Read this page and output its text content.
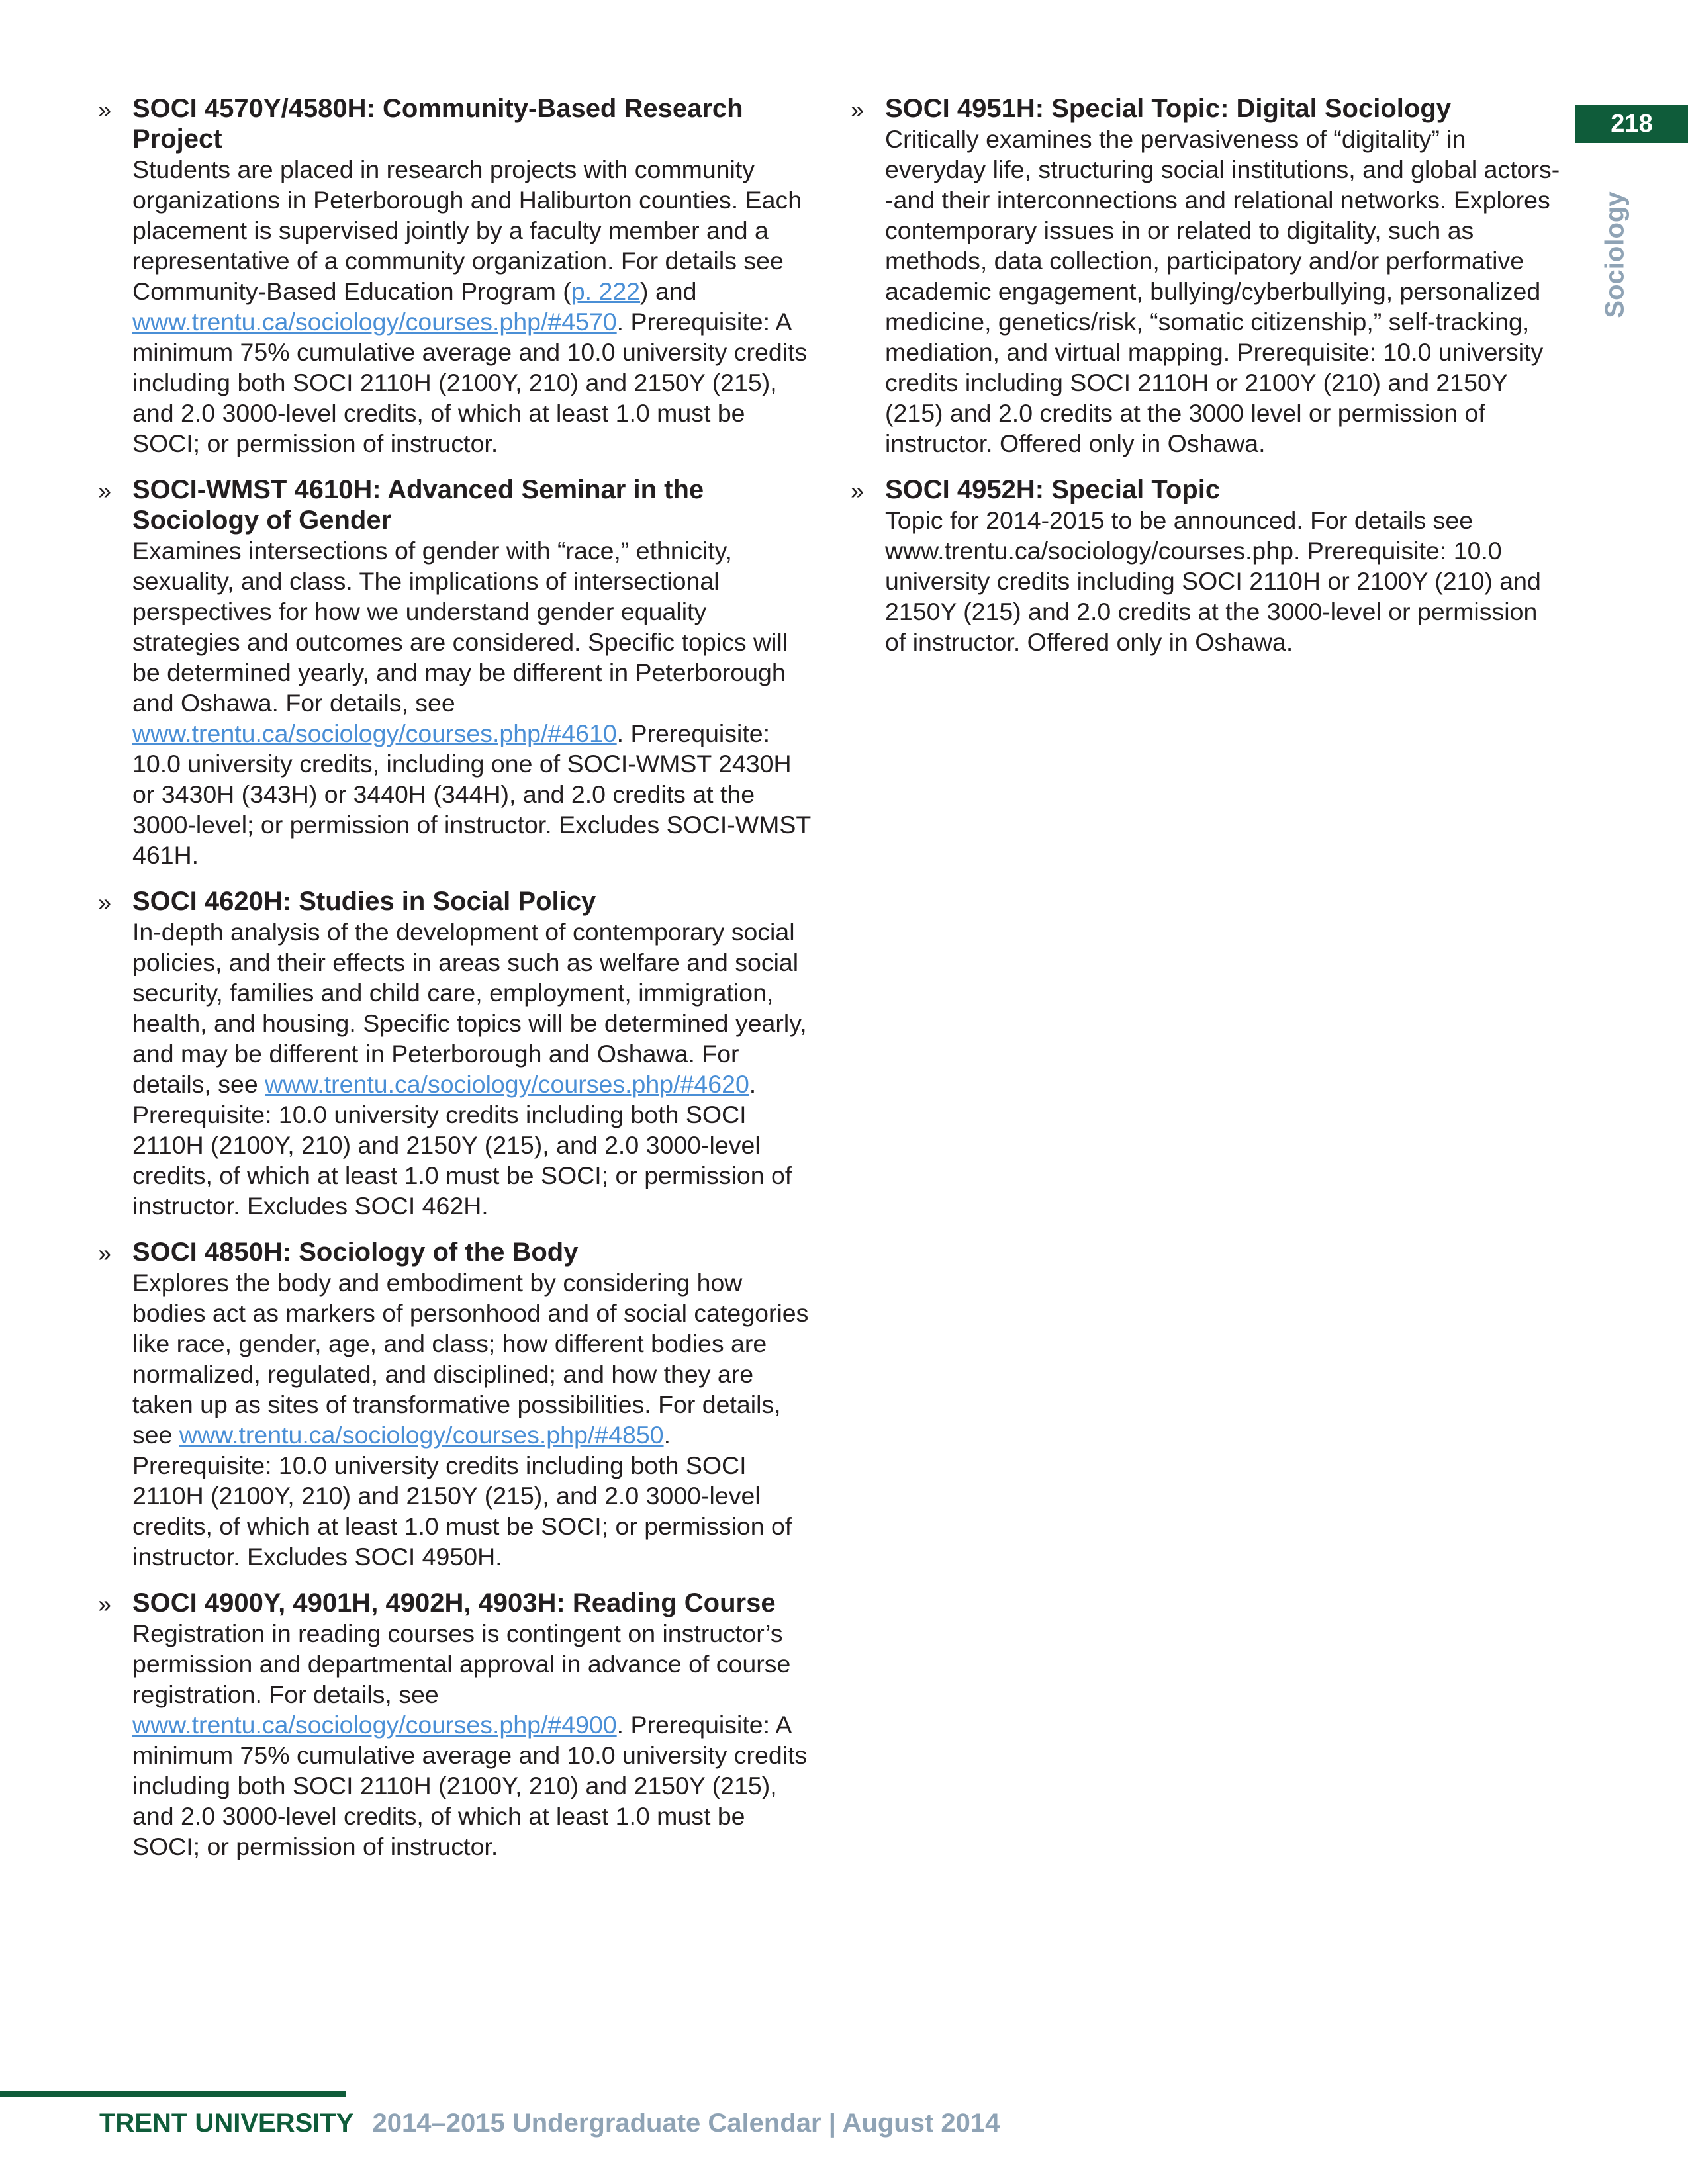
218
Sociology
» SOCI 4570Y/4580H: Community-Based Research Project

Students are placed in research projects with community organizations in Peterborough and Haliburton counties. Each placement is supervised jointly by a faculty member and a representative of a community organization. For details see Community-Based Education Program (p. 222) and www.trentu.ca/sociology/courses.php/#4570. Prerequisite: A minimum 75% cumulative average and 10.0 university credits including both SOCI 2110H (2100Y, 210) and 2150Y (215), and 2.0 3000-level credits, of which at least 1.0 must be SOCI; or permission of instructor.

» SOCI-WMST 4610H: Advanced Seminar in the Sociology of Gender

Examines intersections of gender with “race,” ethnicity, sexuality, and class. The implications of intersectional perspectives for how we understand gender equality strategies and outcomes are considered. Specific topics will be determined yearly, and may be different in Peterborough and Oshawa. For details, see www.trentu.ca/sociology/courses.php/#4610. Prerequisite: 10.0 university credits, including one of SOCI-WMST 2430H or 3430H (343H) or 3440H (344H), and 2.0 credits at the 3000-level; or permission of instructor. Excludes SOCI-WMST 461H.

» SOCI 4620H: Studies in Social Policy

In-depth analysis of the development of contemporary social policies, and their effects in areas such as welfare and social security, families and child care, employment, immigration, health, and housing. Specific topics will be determined yearly, and may be different in Peterborough and Oshawa. For details, see www.trentu.ca/sociology/courses.php/#4620. Prerequisite: 10.0 university credits including both SOCI 2110H (2100Y, 210) and 2150Y (215), and 2.0 3000-level credits, of which at least 1.0 must be SOCI; or permission of instructor. Excludes SOCI 462H.

» SOCI 4850H: Sociology of the Body

Explores the body and embodiment by considering how bodies act as markers of personhood and of social categories like race, gender, age, and class; how different bodies are normalized, regulated, and disciplined; and how they are taken up as sites of transformative possibilities. For details, see www.trentu.ca/sociology/courses.php/#4850. Prerequisite: 10.0 university credits including both SOCI 2110H (2100Y, 210) and 2150Y (215), and 2.0 3000-level credits, of which at least 1.0 must be SOCI; or permission of instructor. Excludes SOCI 4950H.

» SOCI 4900Y, 4901H, 4902H, 4903H: Reading Course

Registration in reading courses is contingent on instructor’s permission and departmental approval in advance of course registration. For details, see www.trentu.ca/sociology/courses.php/#4900. Prerequisite: A minimum 75% cumulative average and 10.0 university credits including both SOCI 2110H (2100Y, 210) and 2150Y (215), and 2.0 3000-level credits, of which at least 1.0 must be SOCI; or permission of instructor.

» SOCI 4951H: Special Topic: Digital Sociology

Critically examines the pervasiveness of “digitality” in everyday life, structuring social institutions, and global actors--and their interconnections and relational networks. Explores contemporary issues in or related to digitality, such as methods, data collection, participatory and/or performative academic engagement, bullying/cyberbullying, personalized medicine, genetics/risk, “somatic citizenship,” self-tracking, mediation, and virtual mapping. Prerequisite: 10.0 university credits including SOCI 2110H or 2100Y (210) and 2150Y (215) and 2.0 credits at the 3000 level or permission of instructor. Offered only in Oshawa.

» SOCI 4952H: Special Topic

Topic for 2014-2015 to be announced. For details see www.trentu.ca/sociology/courses.php. Prerequisite: 10.0 university credits including SOCI 2110H or 2100Y (210) and 2150Y (215) and 2.0 credits at the 3000-level or permission of instructor. Offered only in Oshawa.

TRENT UNIVERSITY 2014–2015 Undergraduate Calendar | August 2014
